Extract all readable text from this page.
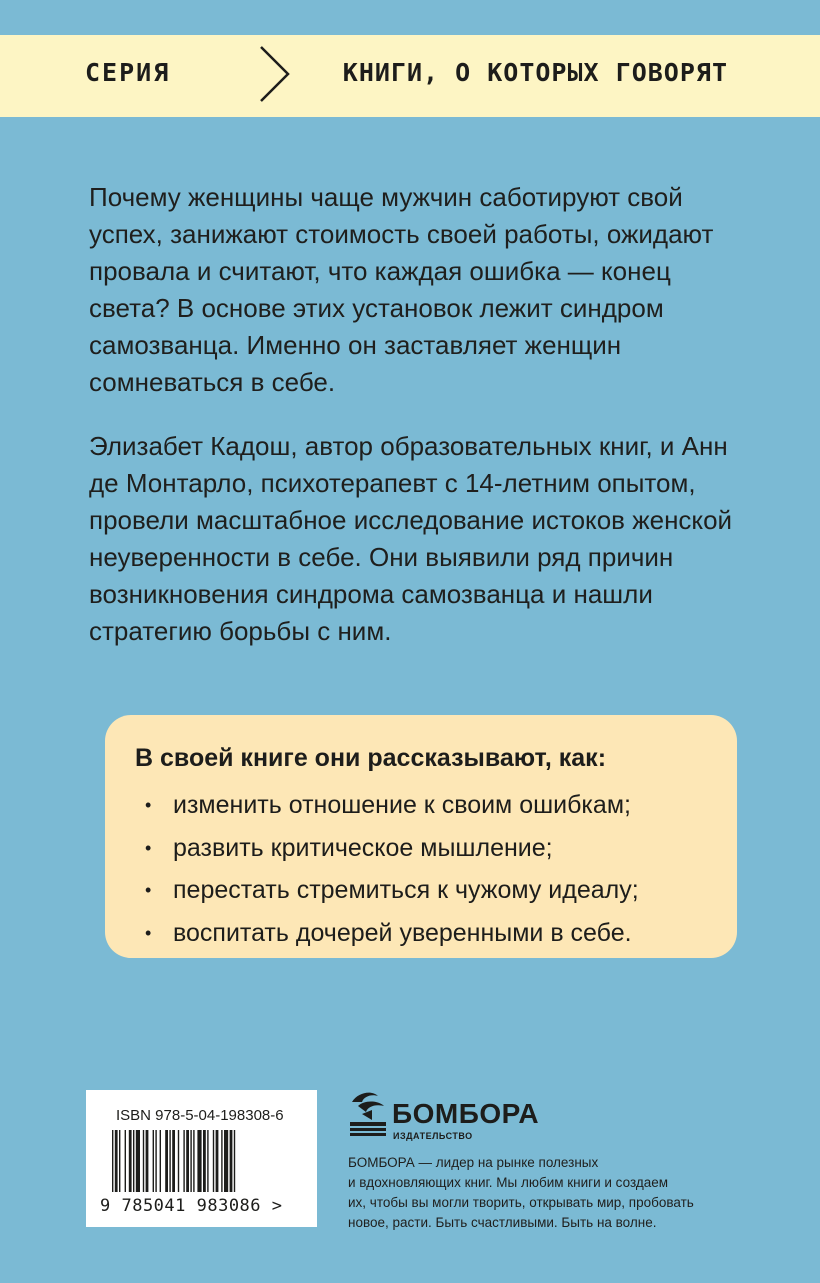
СЕРИЯ	КНИГИ, О КОТОРЫХ ГОВОРЯТ

Почему женщины чаще мужчин саботируют свой
успех, занижают стоимость своей работы, ожидают
провала и считают, что каждая ошибка — конец
света? В основе этих установок лежит синдром
самозванца. Именно он заставляет женщин
сомневаться в себе.

Элизабет Кадош, автор образовательных книг, и Анн
де Монтарло, психотерапевт с 14-летним опытом,
провели масштабное исследование истоков женской
неуверенности в себе. Они выявили ряд причин
возникновения синдрома самозванца и нашли
стратегию борьбы с ним.

В своей книге они рассказывают, как:

• изменить отношение к своим ошибкам;
• развить критическое мышление;
• перестать стремиться к чужому идеалу;
• воспитать дочерей уверенными в себе.
ISBN 978-5-04-198308-6
9 785041 983086 >
БОМБОРА
ИЗДАТЕЛЬСТВО

БОМБОРА — лидер на рынке полезных
и вдохновляющих книг. Мы любим книги и создаем
их, чтобы вы могли творить, открывать мир, пробовать
новое, расти. Быть счастливыми. Быть на волне.
